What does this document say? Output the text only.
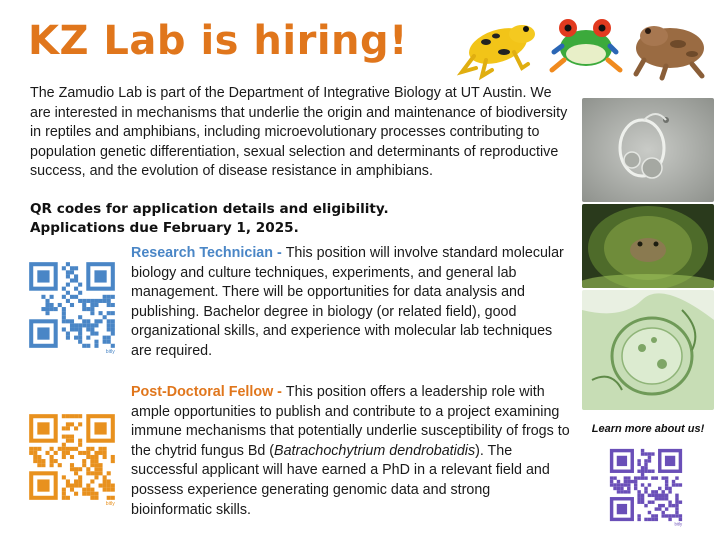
KZ Lab is hiring!

The Zamudio Lab is part of the Department of Integrative Biology at UT Austin. We are interested in mechanisms that underlie the origin and maintenance of biodiversity in reptiles and amphibians, including microevolutionary processes contributing to population genetic differentiation, sexual selection and determinants of reproductive success, and the evolution of disease resistance in amphibians.

QR codes for application details and eligibility.
Applications due February 1, 2025.
bitly
bitly
bitly
Research Technician - This position will involve standard molecular biology and culture techniques, experiments, and general lab management. There will be opportunities for data analysis and publishing. Bachelor degree in biology (or related field), good organizational skills, and experience with molecular lab techniques are required.
Post-Doctoral Fellow - This position offers a leadership role with ample opportunities to publish and contribute to a project examining immune mechanisms that potentially underlie susceptibility of frogs to the chytrid fungus Bd (Batrachochytrium dendrobatidis). The successful applicant will have earned a PhD in a relevant field and possess experience generating genomic data and strong bioinformatic skills.
Learn more about us!
